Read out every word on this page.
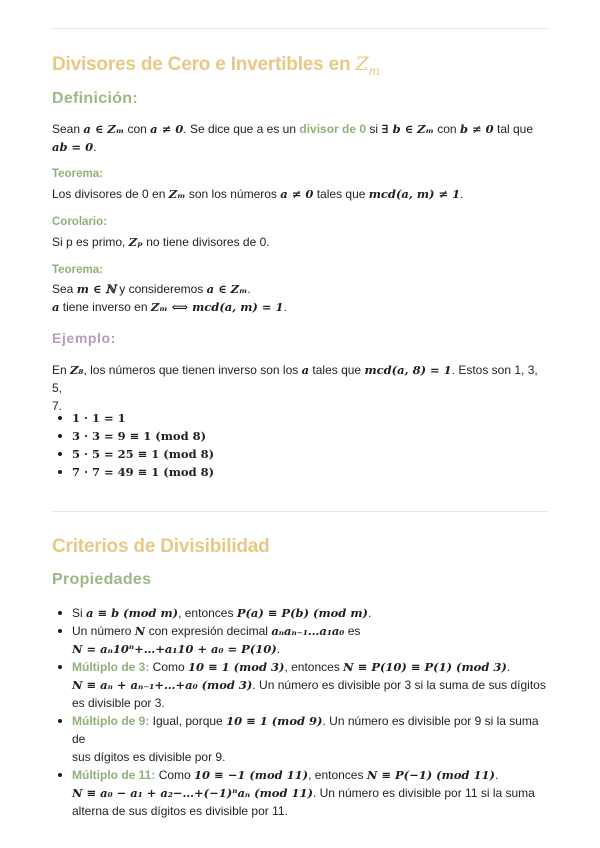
Divisores de Cero e Invertibles en $Z_m$
Definición:
Sean a ∈ Zₘ con a ≠ 0. Se dice que a es un divisor de 0 si ∃ b ∈ Zₘ con b ≠ 0 tal que
ab = 0.
Teorema:
Los divisores de 0 en Zₘ son los números a ≠ 0 tales que mcd(a, m) ≠ 1.
Corolario:
Si p es primo, Zₚ no tiene divisores de 0.
Teorema:
Sea m ∈ ℕ y consideremos a ∈ Zₘ.
a tiene inverso en Zₘ ⟺ mcd(a, m) = 1.
Ejemplo:
En Z₈, los números que tienen inverso son los a tales que mcd(a, 8) = 1. Estos son 1, 3, 5,
7.
1 · 1 = 1
3 · 3 = 9 ≡ 1 (mod 8)
5 · 5 = 25 ≡ 1 (mod 8)
7 · 7 = 49 ≡ 1 (mod 8)
Criterios de Divisibilidad
Propiedades
Si a ≡ b (mod m), entonces P(a) ≡ P(b) (mod m).
Un número N con expresión decimal aₙaₙ₋₁…a₁a₀ es
N = aₙ10ⁿ+…+a₁10 + a₀ = P(10).
Múltiplo de 3: Como 10 ≡ 1 (mod 3), entonces N ≡ P(10) ≡ P(1) (mod 3).
N ≡ aₙ + aₙ₋₁+…+a₀ (mod 3). Un número es divisible por 3 si la suma de sus dígitos
es divisible por 3.
Múltiplo de 9: Igual, porque 10 ≡ 1 (mod 9). Un número es divisible por 9 si la suma de
sus dígitos es divisible por 9.
Múltiplo de 11: Como 10 ≡ −1 (mod 11), entonces N ≡ P(−1) (mod 11).
N ≡ a₀ − a₁ + a₂−…+(−1)ⁿaₙ (mod 11). Un número es divisible por 11 si la suma
alterna de sus dígitos es divisible por 11.
